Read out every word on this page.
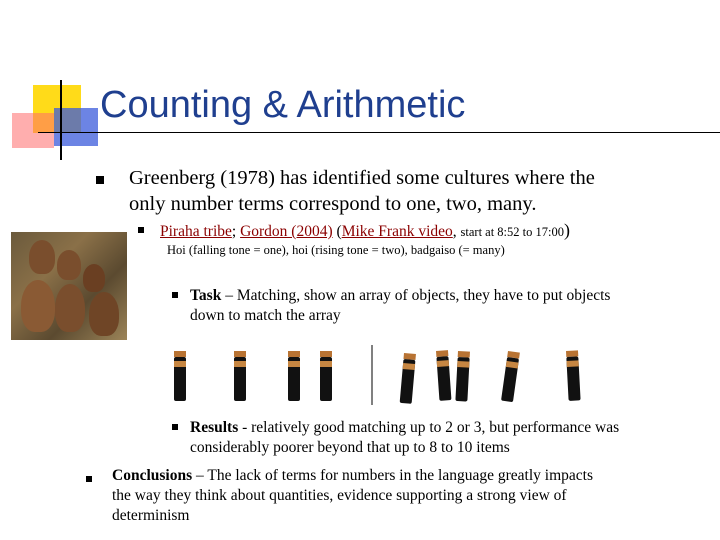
Counting & Arithmetic
Greenberg (1978) has identified some cultures where the
only number terms correspond to one, two, many.
Piraha tribe; Gordon (2004) (Mike Frank video, start at 8:52 to 17:00)
Hoi (falling tone = one), hoi (rising tone = two), badgaiso (= many)
Task – Matching, show an array of objects, they have to put objects
down to match the array
Results - relatively good matching up to 2 or 3, but performance was
considerably poorer beyond that up to 8 to 10 items
Conclusions – The lack of terms for numbers in the language greatly impacts
the way they think about quantities, evidence supporting a strong view of
determinism
